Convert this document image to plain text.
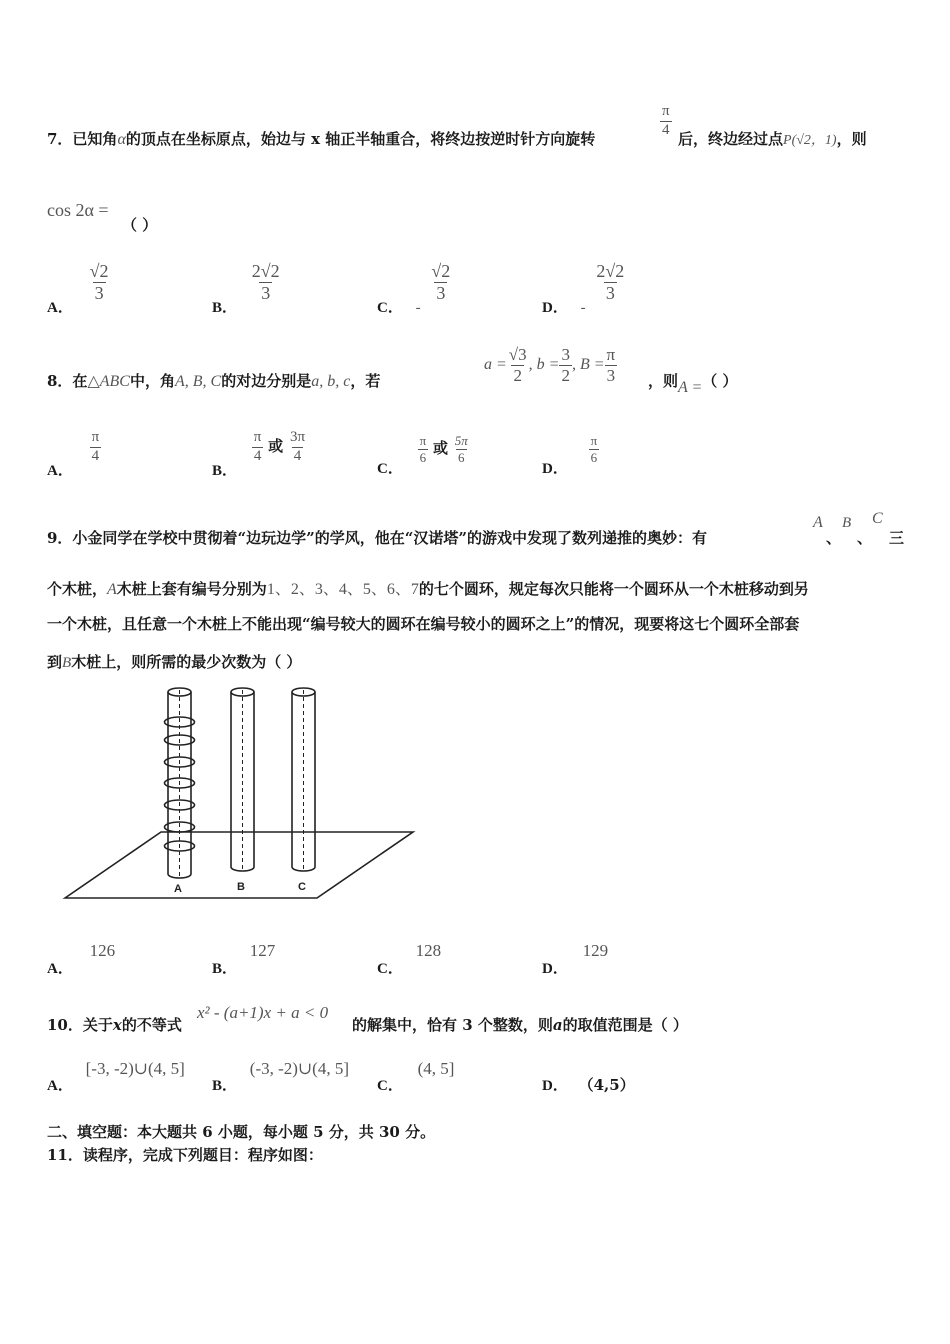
7．已知角α的顶点在坐标原点，始边与 x 轴正半轴重合，将终边按逆时针方向旋转
$\frac{\pi}{4}$
后，终边经过点P(√2，1)，则
cos 2α =
（ ）
A．
$\frac{√2}{3}$
B．
$\frac{2√2}{3}$
C． -
$\frac{√2}{3}$
D． -
$\frac{2√2}{3}$
8．在△ABC中，角A, B, C的对边分别是a, b, c，若
$a = \frac{√3}{2}$ , $b = \frac{3}{2}$ , $B = \frac{\pi}{3}$ ，则A =（ ）
A．
$\frac{\pi}{4}$
B．
$\frac{\pi}{4}$ 或 $\frac{3\pi}{4}$
C．
$\frac{\pi}{6}$ 或 $\frac{5\pi}{6}$
D．
$\frac{\pi}{6}$
9．小金同学在学校中贯彻着“边玩边学”的学风，他在“汉诺塔”的游戏中发现了数列递推的奥妙：有
A
、
B
、
C
三
个木桩，A木桩上套有编号分别为1、2、3、4、5、6、7的七个圆环，规定每次只能将一个圆环从一个木桩移动到另
一个木桩，且任意一个木桩上不能出现“编号较大的圆环在编号较小的圆环之上”的情况，现要将这七个圆环全部套
到B木桩上，则所需的最少次数为（ ）
A	B	C
A． 126
B． 127
C． 128
D． 129
10．关于x的不等式
x² - (a+1)x + a < 0
的解集中，恰有 3 个整数，则a的取值范围是（ ）
A． [-3, -2)∪(4, 5]
B． (-3, -2)∪(4, 5]
C． (4, 5]
D． （4,5）
二、填空题：本大题共 6 小题，每小题 5 分，共 30 分。
11．读程序，完成下列题目：程序如图：
